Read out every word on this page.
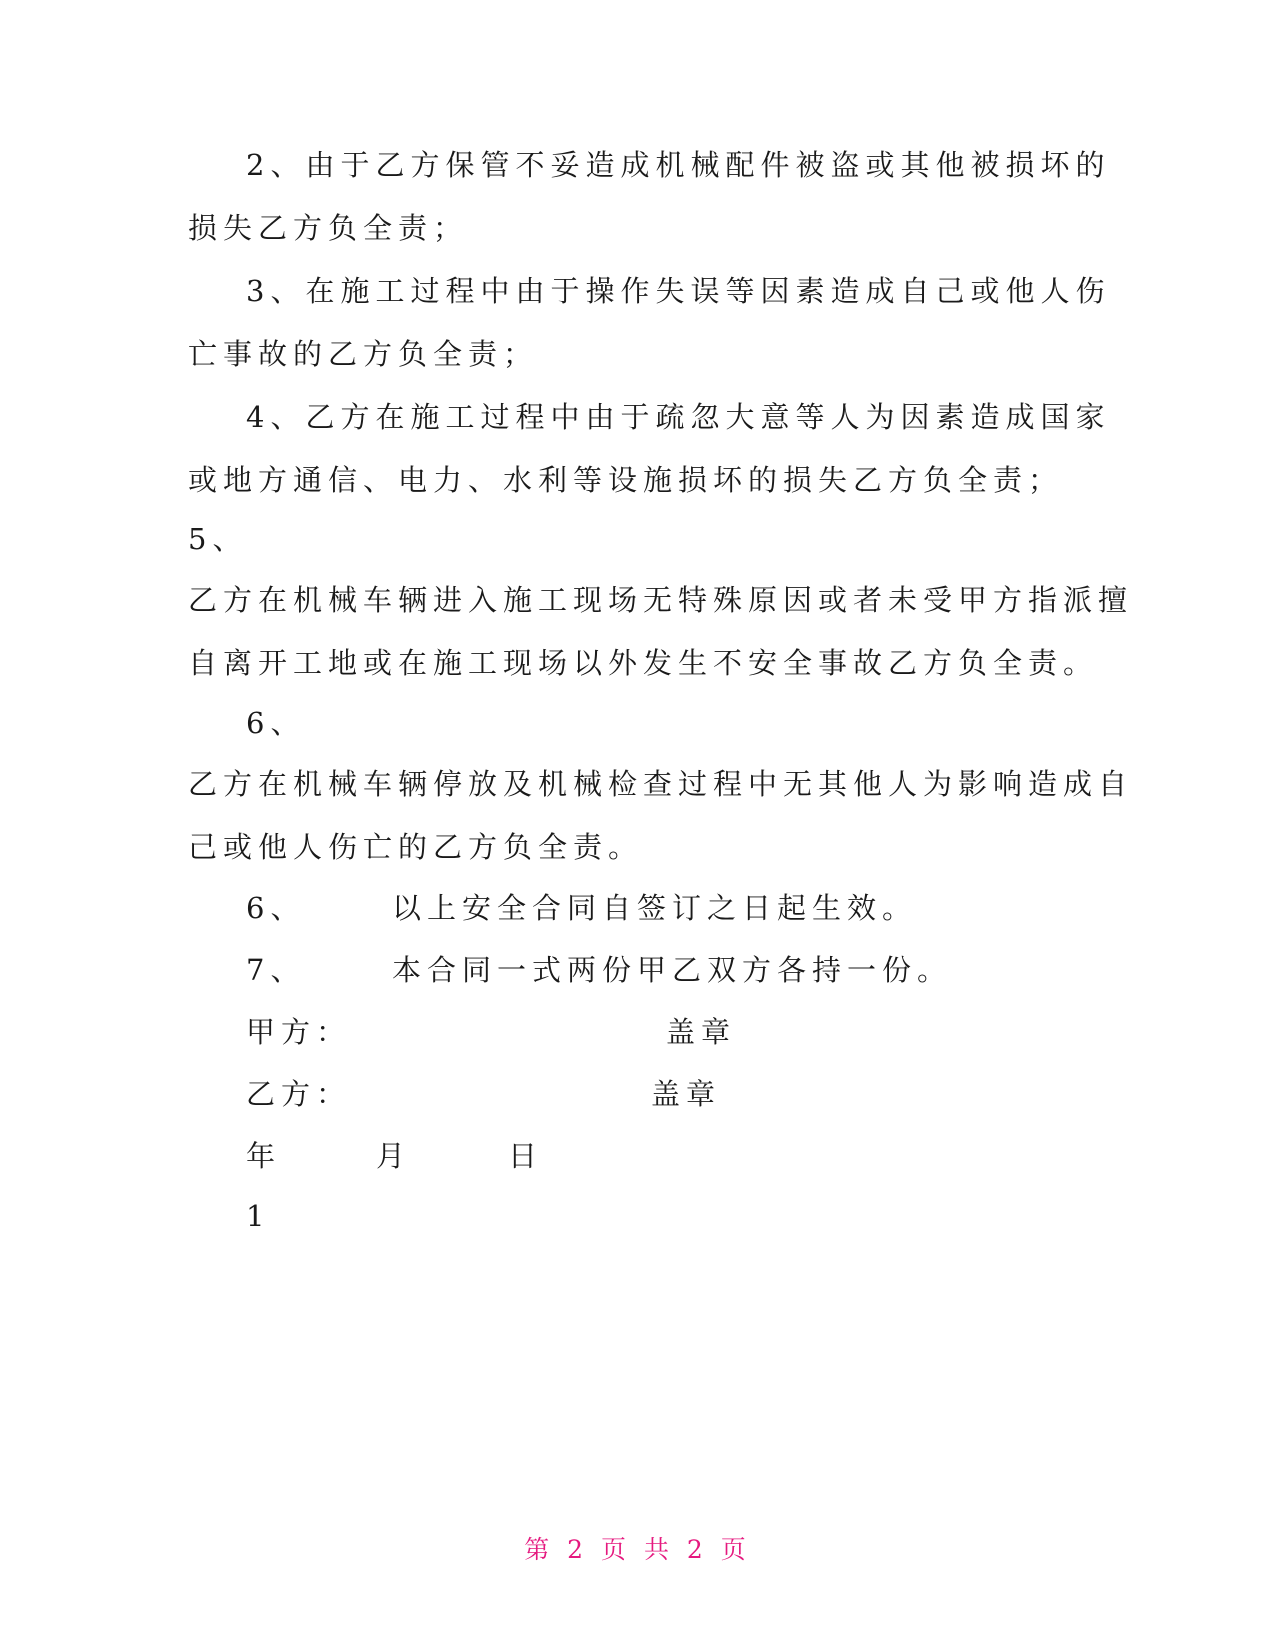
2、由于乙方保管不妥造成机械配件被盗或其他被损坏的
损失乙方负全责；
3、在施工过程中由于操作失误等因素造成自己或他人伤
亡事故的乙方负全责；
4、乙方在施工过程中由于疏忽大意等人为因素造成国家
或地方通信、电力、水利等设施损坏的损失乙方负全责；
5、
乙方在机械车辆进入施工现场无特殊原因或者未受甲方指派擅
自离开工地或在施工现场以外发生不安全事故乙方负全责。
6、
乙方在机械车辆停放及机械检查过程中无其他人为影响造成自
己或他人伤亡的乙方负全责。
6、	以上安全合同自签订之日起生效。
7、	本合同一式两份甲乙双方各持一份。
甲方：	盖章
乙方：	盖章
年	月	日
1
第 2 页 共 2 页
